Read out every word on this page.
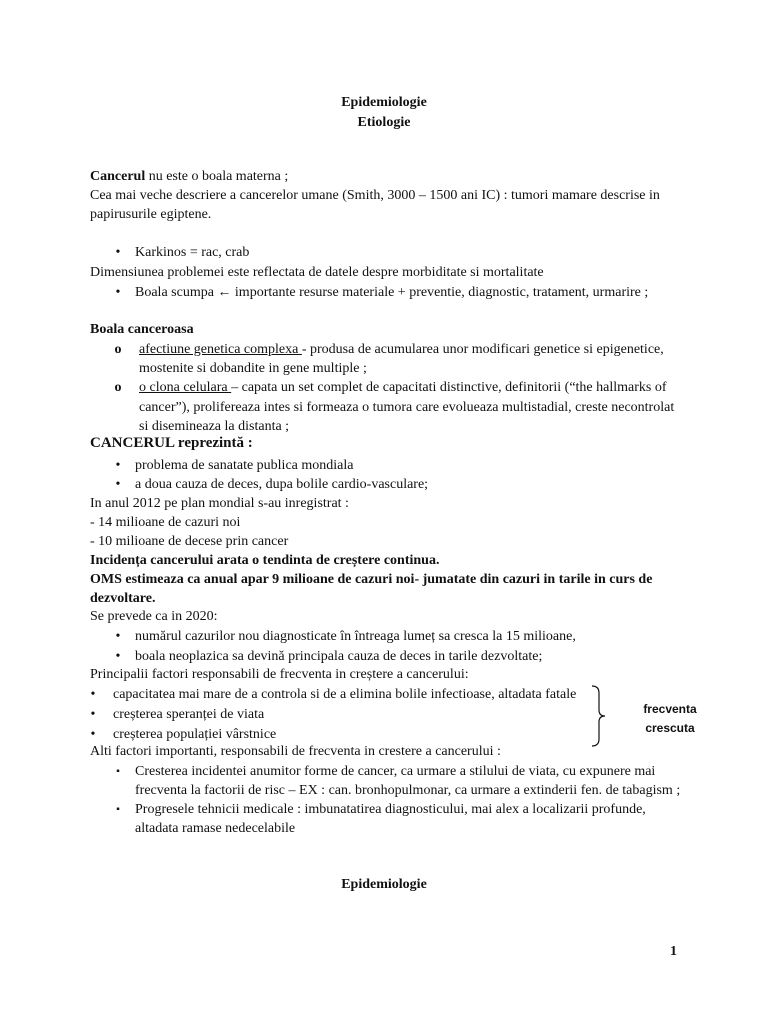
Epidemiologie
Etiologie
Cancerul nu este o boala materna ;
Cea mai veche descriere a cancerelor umane (Smith, 3000 – 1500 ani IC) : tumori mamare descrise in
papirusurile egiptene.
•	Karkinos = rac, crab
Dimensiunea problemei este reflectata de datele despre morbiditate si mortalitate
•	Boala scumpa ← importante resurse materiale + preventie, diagnostic, tratament, urmarire ;
Boala canceroasa
o	afectiune genetica complexa - produsa de acumularea unor modificari genetice si epigenetice,
mostenite si dobandite in gene multiple ;
o	o clona celulara – capata un set complet de capacitati distinctive, definitorii (“the hallmarks of
cancer”), prolifereaza intes si formeaza o tumora care evolueaza multistadial, creste necontrolat
si disemineaza la distanta ;
CANCERUL reprezintă :
•	problema de sanatate publica mondiala
•	a doua cauza de deces, dupa bolile cardio-vasculare;
In anul 2012 pe plan mondial s-au inregistrat :
- 14 milioane de cazuri noi
- 10 milioane de decese prin cancer
Incidența cancerului arata o tendinta de creștere continua.
OMS estimeaza ca anual apar 9 milioane de cazuri noi- jumatate din cazuri in tarile in curs de
dezvoltare.
Se prevede ca in 2020:
•	numărul cazurilor nou diagnosticate în întreaga lumeț sa cresca la 15 milioane,
•	boala neoplazica sa devină principala cauza de deces in tarile dezvoltate;
Principalii factori responsabili de frecventa in creștere a cancerului:
•	capacitatea mai mare de a controla si de a elimina bolile infectioase, altadata fatale
•	creșterea speranței de viata
•	creșterea populației vârstnice
frecventa
crescuta
Alti factori importanti, responsabili de frecventa in crestere a cancerului :
▪	Cresterea incidentei anumitor forme de cancer, ca urmare a stilului de viata, cu expunere mai
frecventa la factorii de risc – EX : can. bronhopulmonar, ca urmare a extinderii fen. de tabagism ;
▪	Progresele tehnicii medicale : imbunatatirea diagnosticului, mai alex a localizarii profunde,
altadata ramase nedecelabile
Epidemiologie
1
